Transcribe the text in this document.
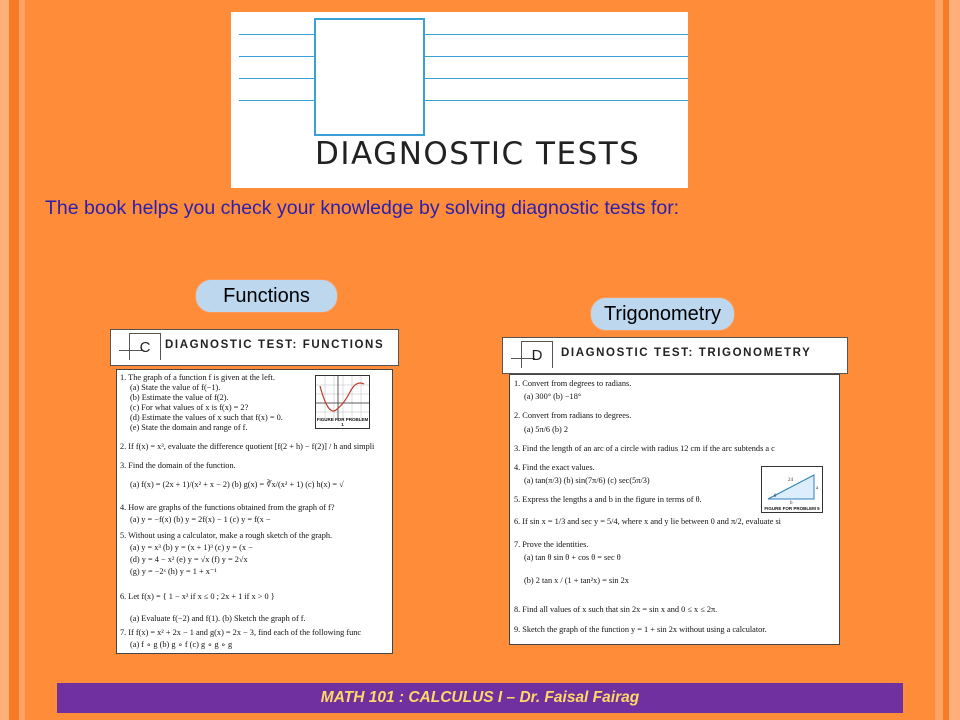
DIAGNOSTIC TESTS
The book helps you check your knowledge by solving diagnostic tests for:
Functions
Trigonometry
C	DIAGNOSTIC TEST: FUNCTIONS
1. The graph of a function f is given at the left.
(a) State the value of f(−1).
(b) Estimate the value of f(2).
(c) For what values of x is f(x) = 2?
(d) Estimate the values of x such that f(x) = 0.
(e) State the domain and range of f.
2. If f(x) = x³, evaluate the difference quotient [f(2 + h) − f(2)] / h and simpli
3. Find the domain of the function.
(a) f(x) = (2x + 1)/(x² + x − 2) (b) g(x) = ∛x/(x² + 1) (c) h(x) = √
4. How are graphs of the functions obtained from the graph of f?
(a) y = −f(x) (b) y = 2f(x) − 1 (c) y = f(x −
5. Without using a calculator, make a rough sketch of the graph.
(a) y = x³ (b) y = (x + 1)³ (c) y = (x −
(d) y = 4 − x² (e) y = √x (f) y = 2√x
(g) y = −2ˣ (h) y = 1 + x⁻¹
6. Let f(x) = { 1 − x² if x ≤ 0 ; 2x + 1 if x > 0 }
(a) Evaluate f(−2) and f(1). (b) Sketch the graph of f.
7. If f(x) = x² + 2x − 1 and g(x) = 2x − 3, find each of the following func
(a) f ∘ g (b) g ∘ f (c) g ∘ g ∘ g
FIGURE FOR PROBLEM 1
D	DIAGNOSTIC TEST: TRIGONOMETRY
1. Convert from degrees to radians.
(a) 300° (b) −18°
2. Convert from radians to degrees.
(a) 5π/6 (b) 2
3. Find the length of an arc of a circle with radius 12 cm if the arc subtends a c
4. Find the exact values.
(a) tan(π/3) (b) sin(7π/6) (c) sec(5π/3)
5. Express the lengths a and b in the figure in terms of θ.
6. If sin x = 1/3 and sec y = 5/4, where x and y lie between 0 and π/2, evaluate si
7. Prove the identities.
(a) tan θ sin θ + cos θ = sec θ
(b) 2 tan x / (1 + tan²x) = sin 2x
8. Find all values of x such that sin 2x = sin x and 0 ≤ x ≤ 2π.
9. Sketch the graph of the function y = 1 + sin 2x without using a calculator.
24
a
b
θ
FIGURE FOR PROBLEM 5
MATH 101 : CALCULUS I – Dr. Faisal Fairag
